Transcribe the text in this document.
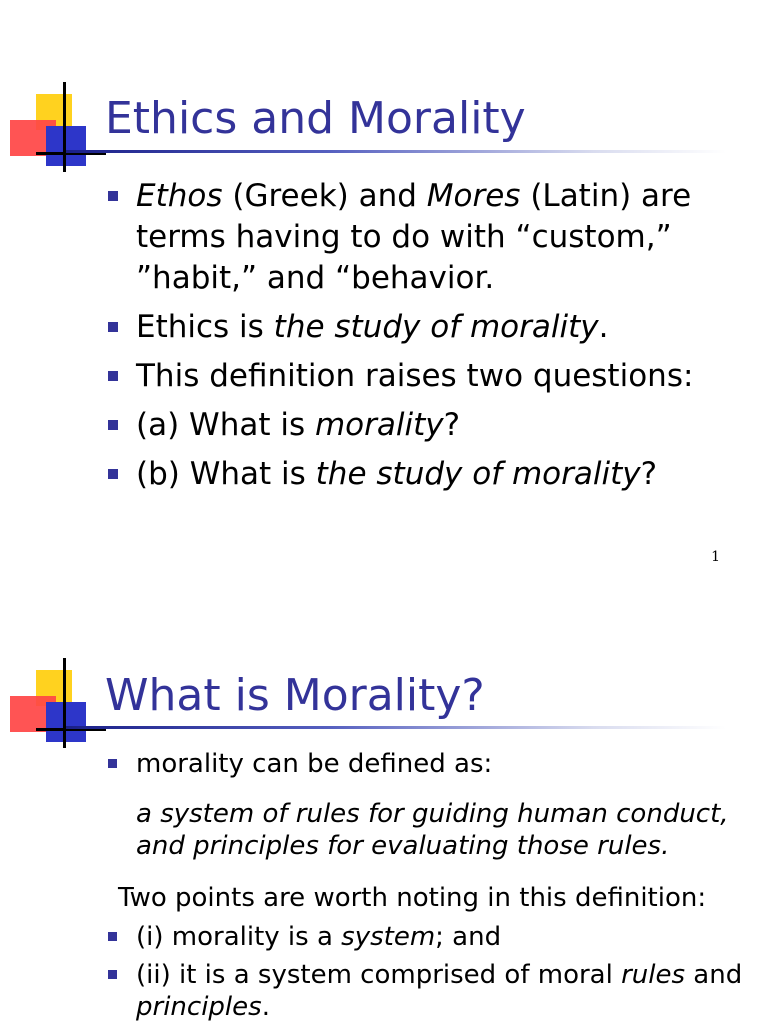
Ethics and Morality
Ethos (Greek) and Mores (Latin) are terms having to do with “custom,” ”habit,” and “behavior.
Ethics is the study of morality.
This definition raises two questions:
(a) What is morality?
(b) What is the study of morality?
1
What is Morality?
morality can be defined as:
a system of rules for guiding human conduct, and principles for evaluating those rules.
Two points are worth noting in this definition:
(i) morality is a system; and
(ii) it is a system comprised of moral rules and principles.
